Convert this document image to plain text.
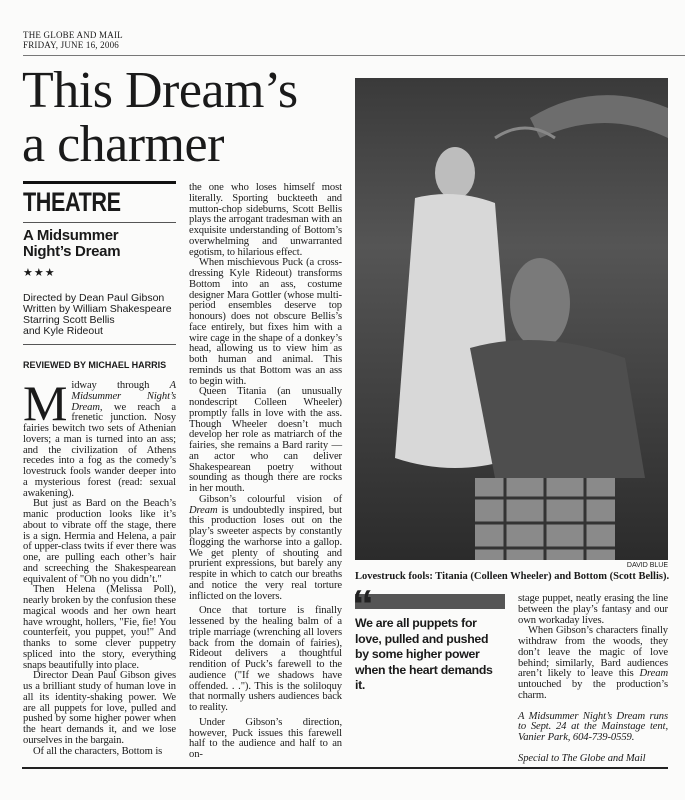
THE GLOBE AND MAIL
FRIDAY, JUNE 16, 2006
This Dream’s
a charmer
THEATRE
A Midsummer Night’s Dream
★★★
Directed by Dean Paul Gibson
Written by William Shakespeare
Starring Scott Bellis
and Kyle Rideout
REVIEWED BY MICHAEL HARRIS

Midway through A Midsummer Night’s Dream, we reach a frenetic junction. Nosy fairies bewitch two sets of Athenian lovers; a man is turned into an ass; and the civilization of Athens recedes into a fog as the comedy’s lovestruck fools wander deeper into a mysterious forest (read: sexual awakening).

But just as Bard on the Beach’s manic production looks like it’s about to vibrate off the stage, there is a sign. Hermia and Helena, a pair of upper-class twits if ever there was one, are pulling each other’s hair and screeching the Shakespearean equivalent of "Oh no you didn’t."

Then Helena (Melissa Poll), nearly broken by the confusion these magical woods and her own heart have wrought, hollers, "Fie, fie! You counterfeit, you puppet, you!" And thanks to some clever puppetry spliced into the story, everything snaps beautifully into place.

Director Dean Paul Gibson gives us a brilliant study of human love in all its identity-shaking power. We are all puppets for love, pulled and pushed by some higher power when the heart demands it, and we lose ourselves in the bargain.

Of all the characters, Bottom is

the one who loses himself most literally. Sporting buckteeth and mutton-chop sideburns, Scott Bellis plays the arrogant tradesman with an exquisite understanding of Bottom’s overwhelming and unwarranted egotism, to hilarious effect.

When mischievous Puck (a cross-dressing Kyle Rideout) transforms Bottom into an ass, costume designer Mara Gottler (whose multi-period ensembles deserve top honours) does not obscure Bellis’s face entirely, but fixes him with a wire cage in the shape of a donkey’s head, allowing us to view him as both human and animal. This reminds us that Bottom was an ass to begin with.

Queen Titania (an unusually nondescript Colleen Wheeler) promptly falls in love with the ass. Though Wheeler doesn’t much develop her role as matriarch of the fairies, she remains a Bard rarity — an actor who can deliver Shakespearean poetry without sounding as though there are rocks in her mouth.

Gibson’s colourful vision of Dream is undoubtedly inspired, but this production loses out on the play’s sweeter aspects by constantly flogging the warhorse into a gallop. We get plenty of shouting and prurient expressions, but barely any respite in which to catch our breaths and notice the very real torture inflicted on the lovers.

Once that torture is finally lessened by the healing balm of a triple marriage (wrenching all lovers back from the domain of fairies), Rideout delivers a thoughtful rendition of Puck’s farewell to the audience ("If we shadows have offended. . ."). This is the soliloquy that normally ushers audiences back to reality.

Under Gibson’s direction, however, Puck issues this farewell half to the audience and half to an on-

DAVID BLUE
Lovestruck fools: Titania (Colleen Wheeler) and Bottom (Scott Bellis).
“
We are all puppets for love, pulled and pushed by some higher power when the heart demands it.

stage puppet, neatly erasing the line between the play’s fantasy and our own workaday lives.

When Gibson’s characters finally withdraw from the woods, they don’t leave the magic of love behind; similarly, Bard audiences aren’t likely to leave this Dream untouched by the production’s charm.

A Midsummer Night’s Dream runs to Sept. 24 at the Mainstage tent, Vanier Park, 604-739-0559.

Special to The Globe and Mail
